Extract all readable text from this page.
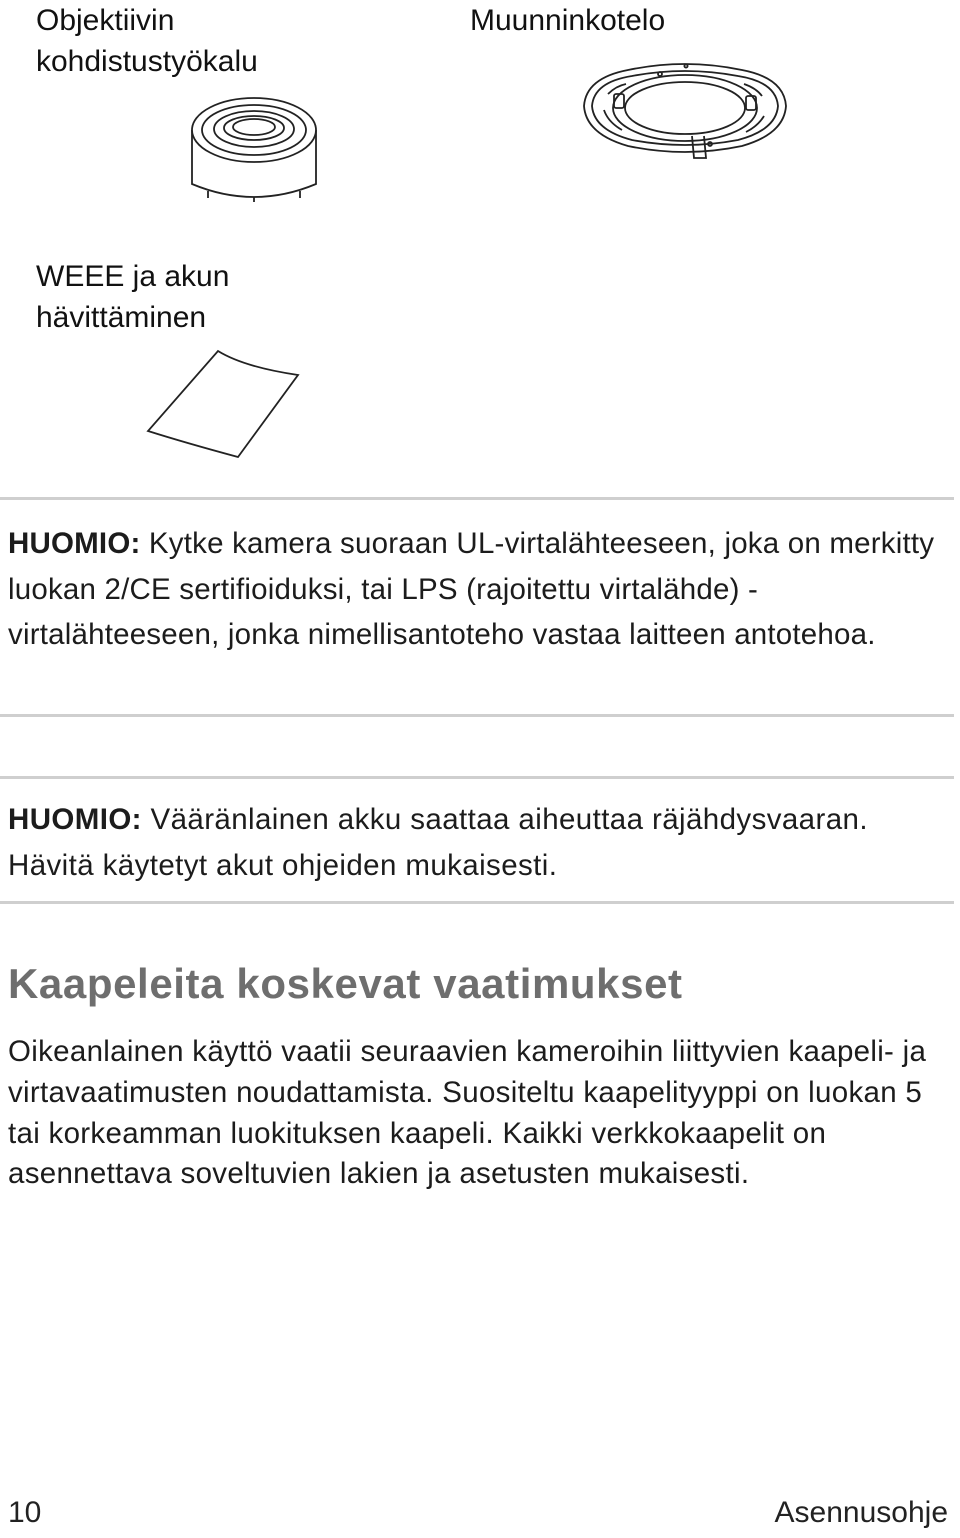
Objektiivin kohdistustyökalu
Muunninkotelo
WEEE ja akun hävittäminen

HUOMIO: Kytke kamera suoraan UL-virtalähteeseen, joka on merkitty luokan 2/CE sertifioiduksi, tai LPS (rajoitettu virtalähde) -virtalähteeseen, jonka nimellisantoteho vastaa laitteen antotehoa.

HUOMIO: Vääränlainen akku saattaa aiheuttaa räjähdysvaaran. Hävitä käytetyt akut ohjeiden mukaisesti.

Kaapeleita koskevat vaatimukset

Oikeanlainen käyttö vaatii seuraavien kameroihin liittyvien kaapeli- ja virtavaatimusten noudattamista. Suositeltu kaapelityyppi on luokan 5 tai korkeamman luokituksen kaapeli. Kaikki verkkokaapelit on asennettava soveltuvien lakien ja asetusten mukaisesti.

10	Asennusohje
